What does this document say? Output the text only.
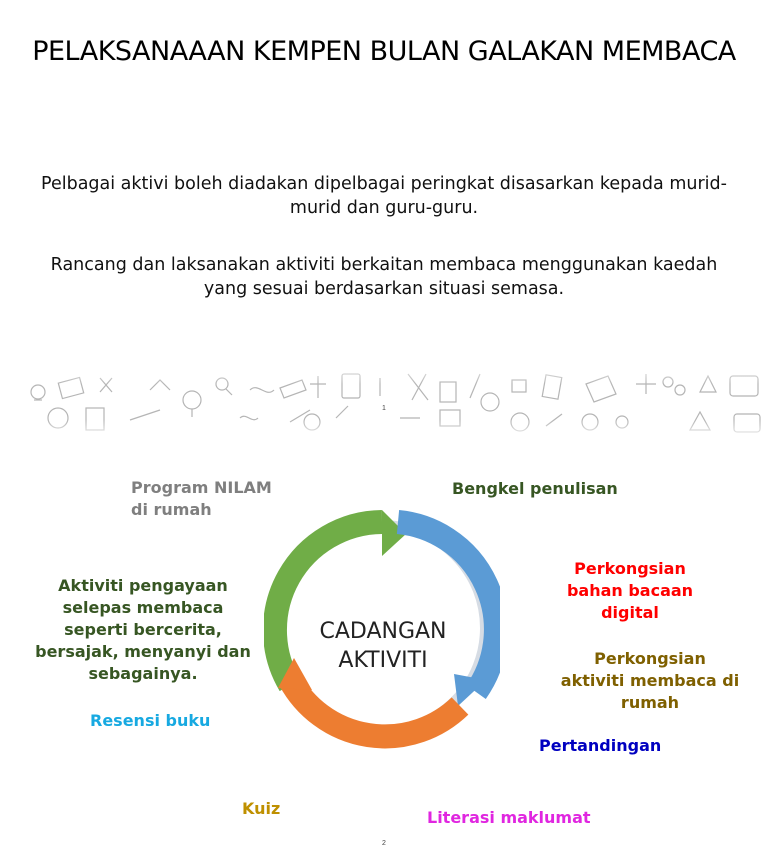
PELAKSANAAAN KEMPEN BULAN GALAKAN MEMBACA
Pelbagai aktivi boleh diadakan dipelbagai peringkat disasarkan kepada murid-murid dan guru-guru.
Rancang dan laksanakan aktiviti berkaitan membaca menggunakan kaedah yang sesuai berdasarkan situasi semasa.
1
CADANGAN AKTIVITI
Program NILAM di rumah
Bengkel penulisan
Perkongsian bahan bacaan digital
Perkongsian aktiviti membaca di rumah
Pertandingan
Literasi maklumat
Kuiz
Resensi buku
Aktiviti pengayaan selepas membaca seperti bercerita, bersajak, menyanyi dan sebagainya.
2
